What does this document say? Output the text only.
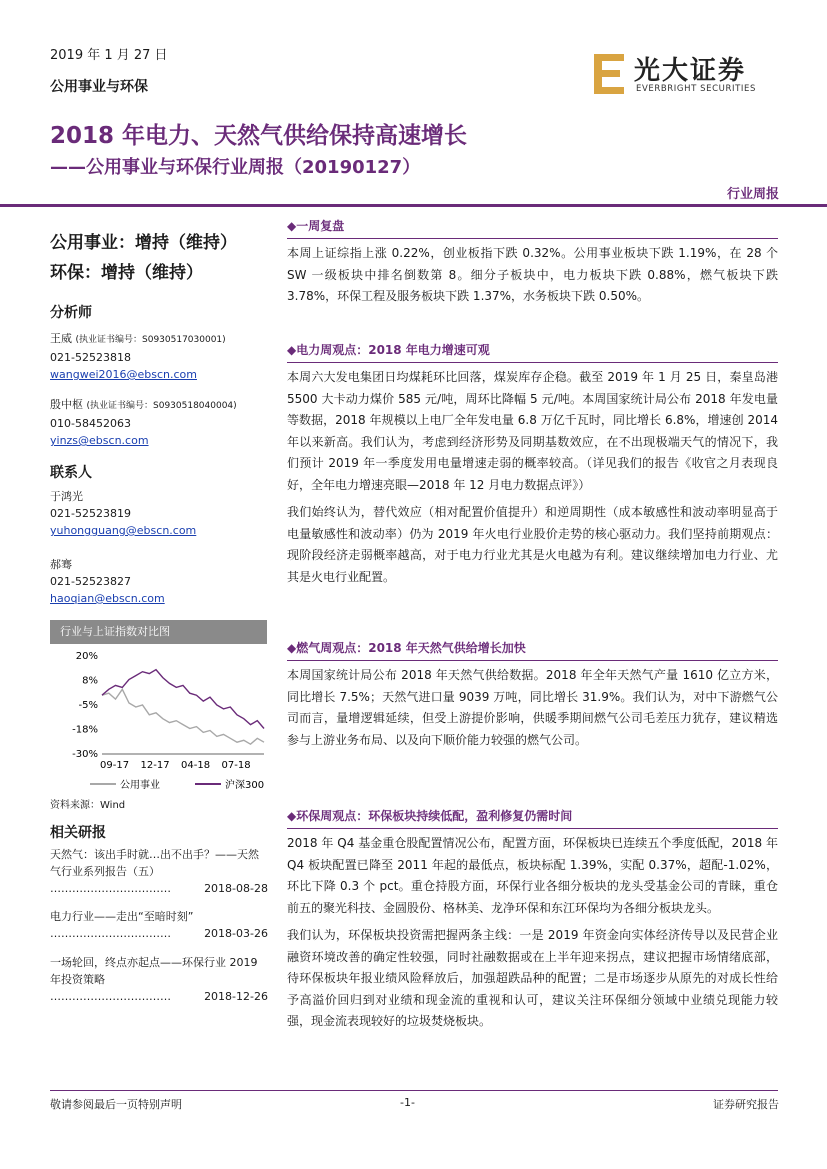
2019 年 1 月 27 日
公用事业与环保
光大证券
EVERBRIGHT SECURITIES
2018 年电力、天然气供给保持高速增长
——公用事业与环保行业周报（20190127）
行业周报
公用事业：增持（维持）
环保：增持（维持）
分析师
王威 (执业证书编号：S0930517030001)
021-52523818
wangwei2016@ebscn.com
殷中枢 (执业证书编号：S0930518040004)
010-58452063
yinzs@ebscn.com
联系人
于鸿光
021-52523819
yuhongguang@ebscn.com
郝骞
021-52523827
haoqian@ebscn.com
行业与上证指数对比图
20%
8%
-5%
-18%
-30%
09-17 12-17 04-18 07-18
公用事业	沪深300
资料来源：Wind
相关研报
天然气：该出手时就…出不出手？——天然气行业系列报告（五）
……………………………	2018-08-28
电力行业——走出“至暗时刻”
……………………………	2018-03-26
一场轮回，终点亦起点——环保行业 2019 年投资策略
……………………………	2018-12-26
◆一周复盘
本周上证综指上涨 0.22%，创业板指下跌 0.32%。公用事业板块下跌 1.19%，在 28 个 SW 一级板块中排名倒数第 8。细分子板块中，电力板块下跌 0.88%，燃气板块下跌 3.78%，环保工程及服务板块下跌 1.37%，水务板块下跌 0.50%。
◆电力周观点：2018 年电力增速可观
本周六大发电集团日均煤耗环比回落，煤炭库存企稳。截至 2019 年 1 月 25 日，秦皇岛港 5500 大卡动力煤价 585 元/吨，周环比降幅 5 元/吨。本周国家统计局公布 2018 年发电量等数据，2018 年规模以上电厂全年发电量 6.8 万亿千瓦时，同比增长 6.8%，增速创 2014 年以来新高。我们认为，考虑到经济形势及同期基数效应，在不出现极端天气的情况下，我们预计 2019 年一季度发用电量增速走弱的概率较高。（详见我们的报告《收官之月表现良好，全年电力增速亮眼—2018 年 12 月电力数据点评》）
我们始终认为，替代效应（相对配置价值提升）和逆周期性（成本敏感性和波动率明显高于电量敏感性和波动率）仍为 2019 年火电行业股价走势的核心驱动力。我们坚持前期观点：现阶段经济走弱概率越高，对于电力行业尤其是火电越为有利。建议继续增加电力行业、尤其是火电行业配置。
◆燃气周观点：2018 年天然气供给增长加快
本周国家统计局公布 2018 年天然气供给数据。2018 年全年天然气产量 1610 亿立方米，同比增长 7.5%；天然气进口量 9039 万吨，同比增长 31.9%。我们认为，对中下游燃气公司而言，量增逻辑延续，但受上游提价影响，供暖季期间燃气公司毛差压力犹存，建议精选参与上游业务布局、以及向下顺价能力较强的燃气公司。
◆环保周观点：环保板块持续低配，盈利修复仍需时间
2018 年 Q4 基金重仓股配置情况公布，配置方面，环保板块已连续五个季度低配，2018 年 Q4 板块配置已降至 2011 年起的最低点，板块标配 1.39%，实配 0.37%，超配-1.02%，环比下降 0.3 个 pct。重仓持股方面，环保行业各细分板块的龙头受基金公司的青睐，重仓前五的聚光科技、金圆股份、格林美、龙净环保和东江环保均为各细分板块龙头。
我们认为，环保板块投资需把握两条主线：一是 2019 年资金向实体经济传导以及民营企业融资环境改善的确定性较强，同时社融数据或在上半年迎来拐点，建议把握市场情绪底部，待环保板块年报业绩风险释放后，加强超跌品种的配置；二是市场逐步从原先的对成长性给予高溢价回归到对业绩和现金流的重视和认可，建议关注环保细分领域中业绩兑现能力较强，现金流表现较好的垃圾焚烧板块。
敬请参阅最后一页特别声明	-1-	证券研究报告
